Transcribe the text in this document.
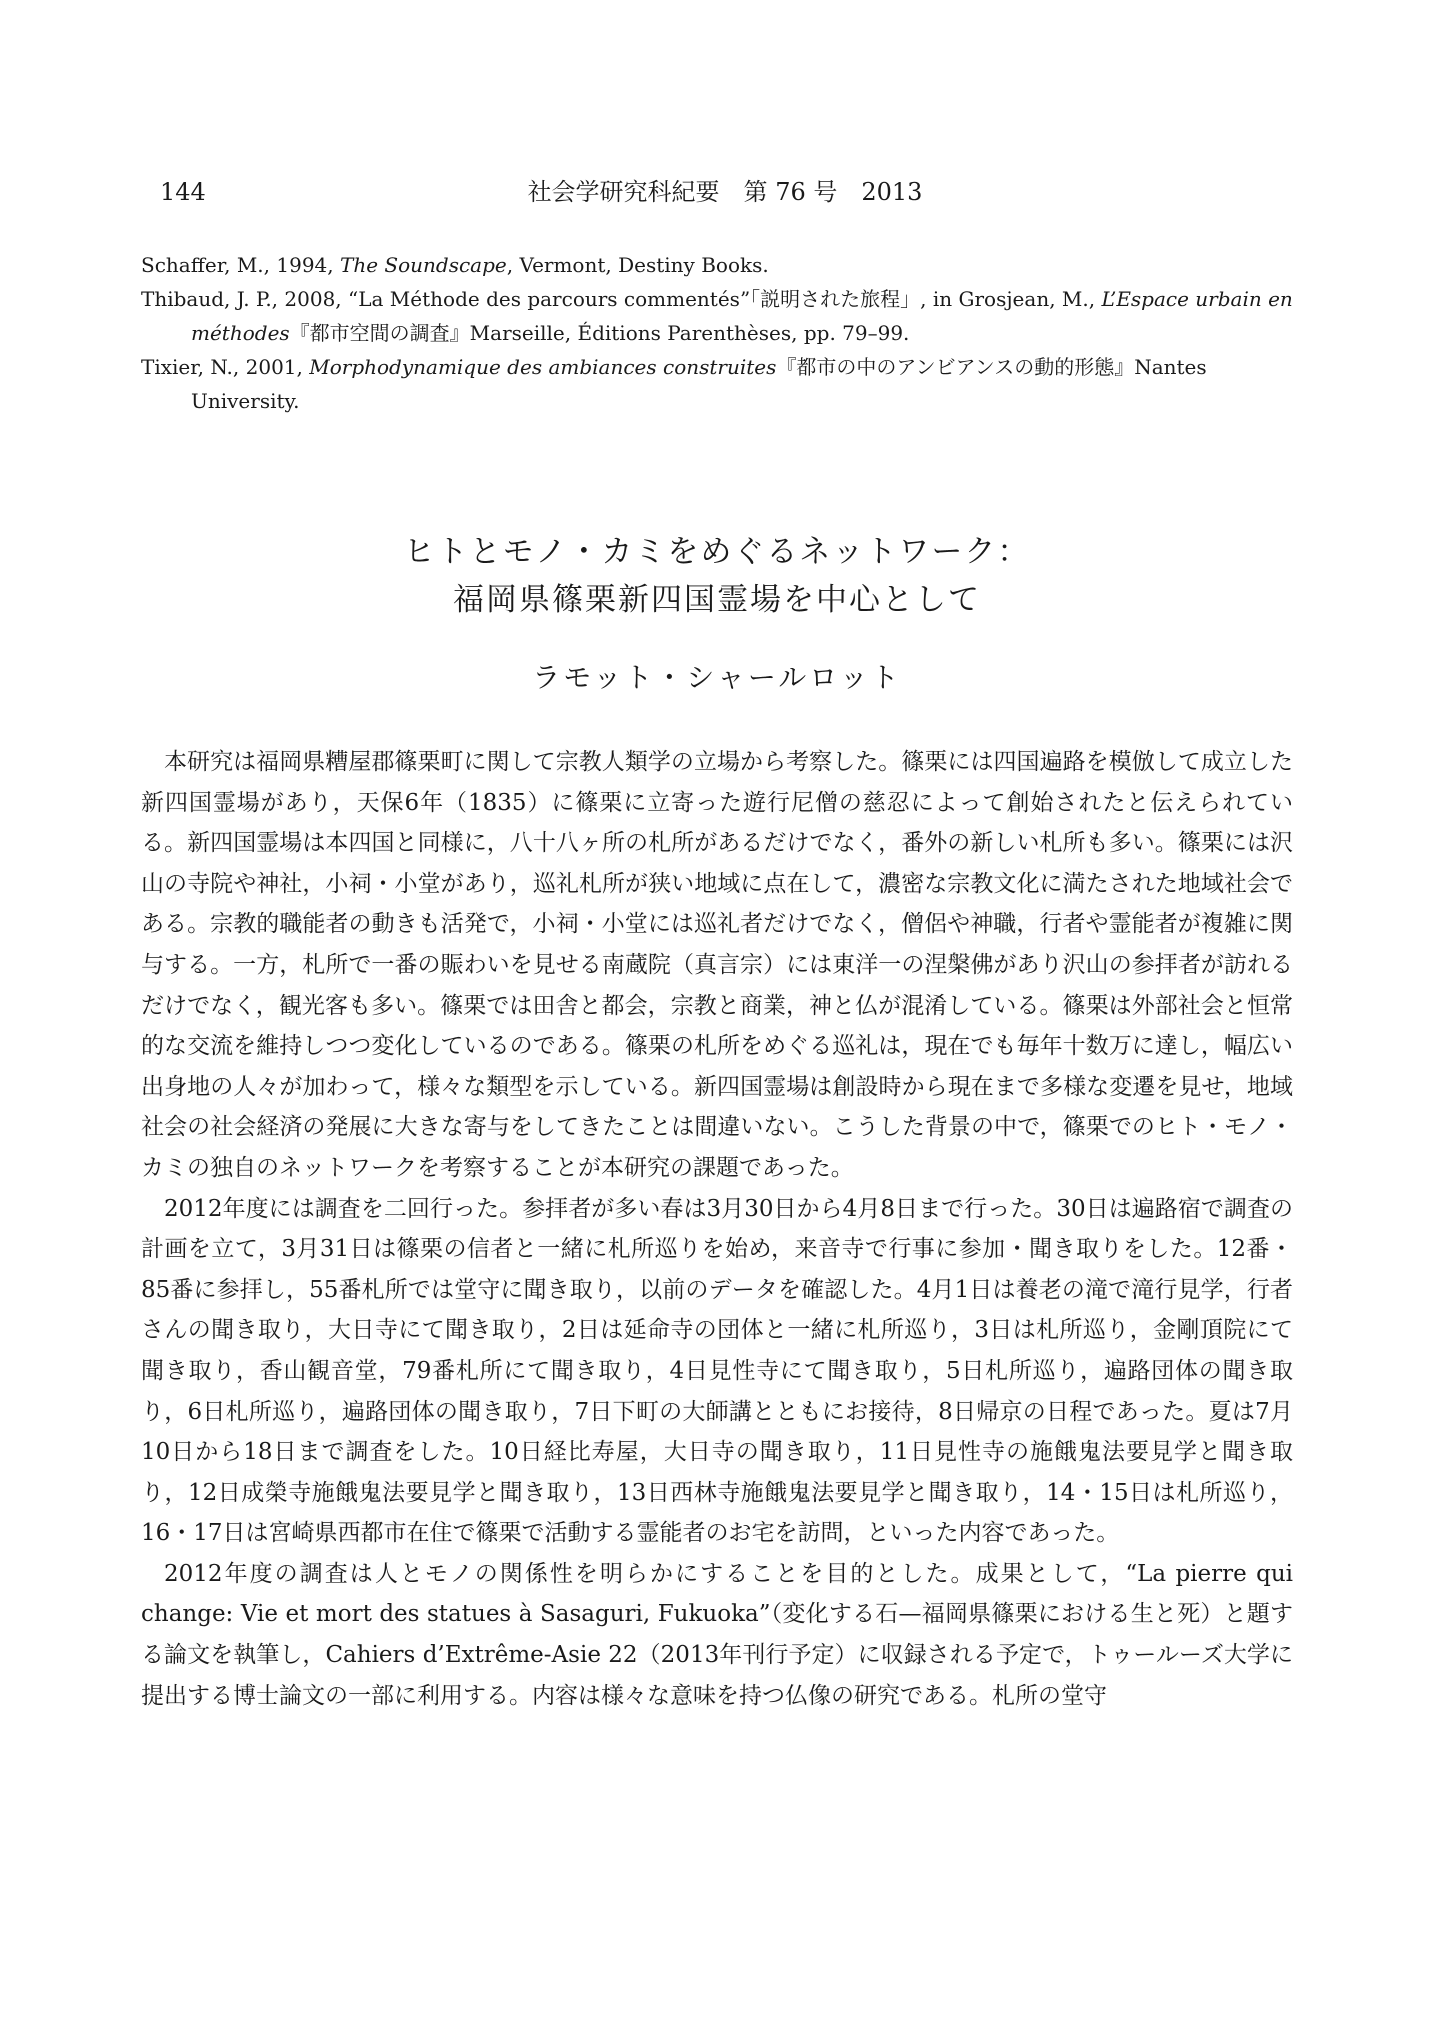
144	社会学研究科紀要　第 76 号　2013

Schaffer, M., 1994, The Soundscape, Vermont, Destiny Books.

Thibaud, J. P., 2008, “La Méthode des parcours commentés”「説明された旅程」, in Grosjean, M., L’Espace urbain en méthodes『都市空間の調査』Marseille, Éditions Parenthèses, pp. 79–99.

Tixier, N., 2001, Morphodynamique des ambiances construites『都市の中のアンビアンスの動的形態』Nantes University.

ヒトとモノ・カミをめぐるネットワーク：
福岡県篠栗新四国霊場を中心として
ラモット・シャールロット

本研究は福岡県糟屋郡篠栗町に関して宗教人類学の立場から考察した。篠栗には四国遍路を模倣して成立した新四国霊場があり，天保6年（1835）に篠栗に立寄った遊行尼僧の慈忍によって創始されたと伝えられている。新四国霊場は本四国と同様に，八十八ヶ所の札所があるだけでなく，番外の新しい札所も多い。篠栗には沢山の寺院や神社，小祠・小堂があり，巡礼札所が狭い地域に点在して，濃密な宗教文化に満たされた地域社会である。宗教的職能者の動きも活発で，小祠・小堂には巡礼者だけでなく，僧侶や神職，行者や霊能者が複雑に関与する。一方，札所で一番の賑わいを見せる南蔵院（真言宗）には東洋一の涅槃佛があり沢山の参拝者が訪れるだけでなく，観光客も多い。篠栗では田舎と都会，宗教と商業，神と仏が混淆している。篠栗は外部社会と恒常的な交流を維持しつつ変化しているのである。篠栗の札所をめぐる巡礼は，現在でも毎年十数万に達し，幅広い出身地の人々が加わって，様々な類型を示している。新四国霊場は創設時から現在まで多様な変遷を見せ，地域社会の社会経済の発展に大きな寄与をしてきたことは間違いない。こうした背景の中で，篠栗でのヒト・モノ・カミの独自のネットワークを考察することが本研究の課題であった。

2012年度には調査を二回行った。参拝者が多い春は3月30日から4月8日まで行った。30日は遍路宿で調査の計画を立て，3月31日は篠栗の信者と一緒に札所巡りを始め，来音寺で行事に参加・聞き取りをした。12番・85番に参拝し，55番札所では堂守に聞き取り，以前のデータを確認した。4月1日は養老の滝で滝行見学，行者さんの聞き取り，大日寺にて聞き取り，2日は延命寺の団体と一緒に札所巡り，3日は札所巡り，金剛頂院にて聞き取り，香山観音堂，79番札所にて聞き取り，4日見性寺にて聞き取り，5日札所巡り，遍路団体の聞き取り，6日札所巡り，遍路団体の聞き取り，7日下町の大師講とともにお接待，8日帰京の日程であった。夏は7月10日から18日まで調査をした。10日経比寿屋，大日寺の聞き取り，11日見性寺の施餓鬼法要見学と聞き取り，12日成榮寺施餓鬼法要見学と聞き取り，13日西林寺施餓鬼法要見学と聞き取り，14・15日は札所巡り，16・17日は宮崎県西都市在住で篠栗で活動する霊能者のお宅を訪問，といった内容であった。

2012年度の調査は人とモノの関係性を明らかにすることを目的とした。成果として，“La pierre qui change: Vie et mort des statues à Sasaguri, Fukuoka”（変化する石—福岡県篠栗における生と死）と題する論文を執筆し，Cahiers d’Extrême-Asie 22（2013年刊行予定）に収録される予定で，トゥールーズ大学に提出する博士論文の一部に利用する。内容は様々な意味を持つ仏像の研究である。札所の堂守
